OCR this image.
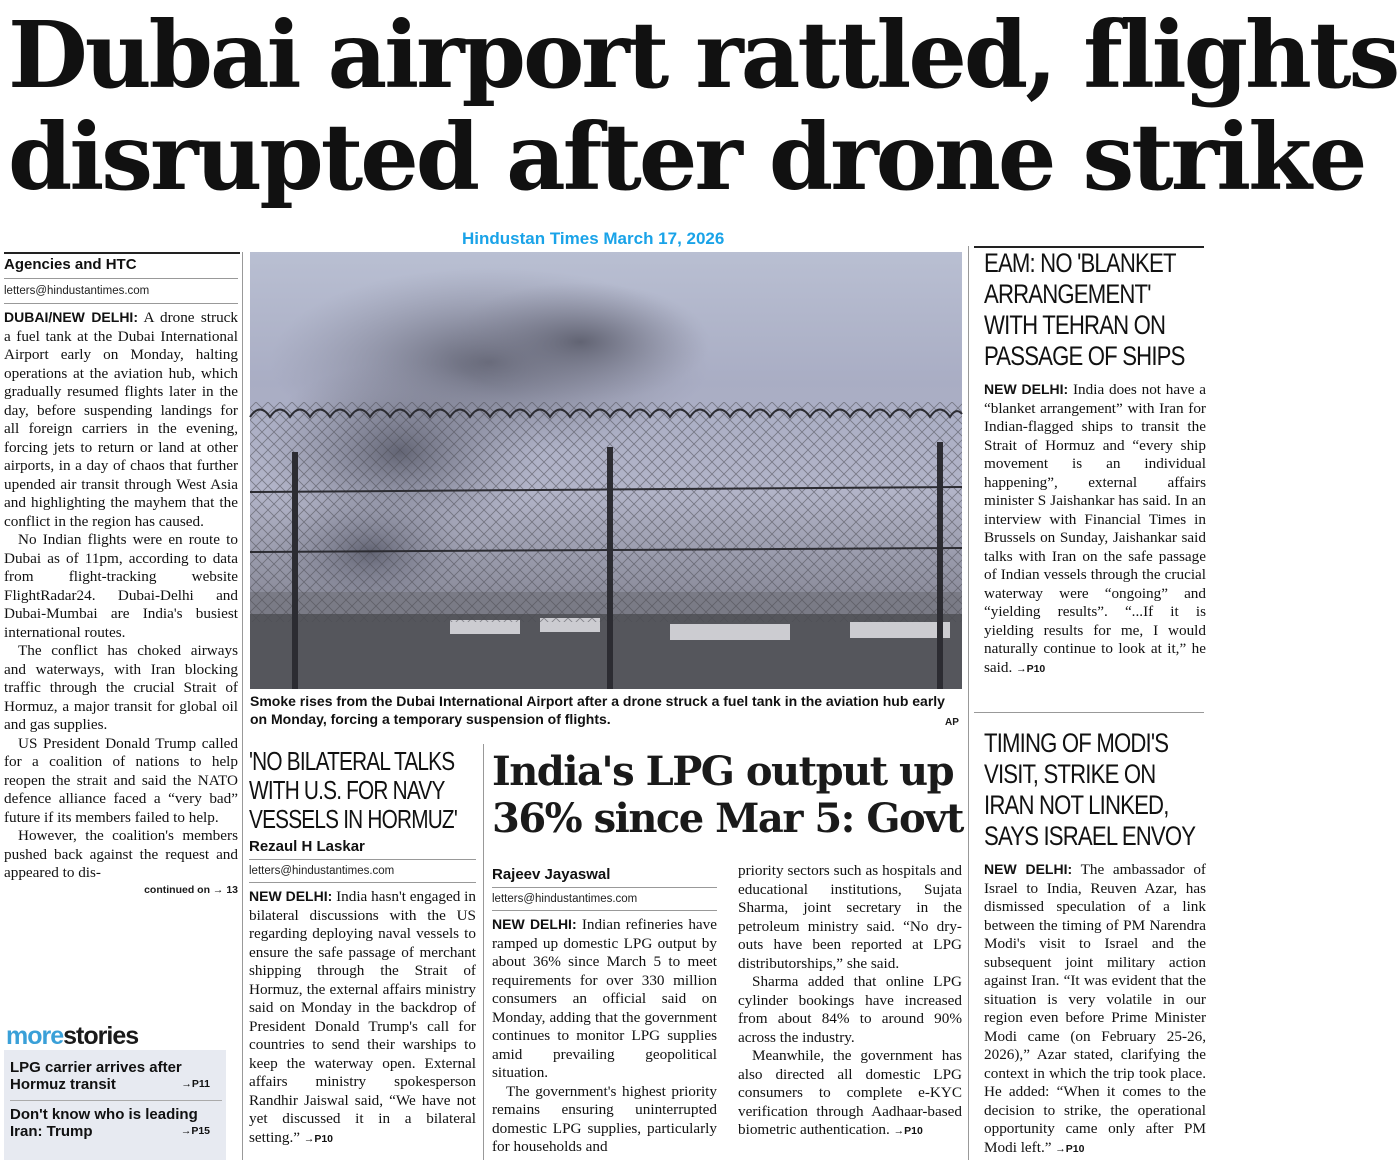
Dubai airport rattled, flights
disrupted after drone strike
Hindustan Times March 17, 2026
Agencies and HTC
letters@hindustantimes.com

DUBAI/NEW DELHI: A drone struck a fuel tank at the Dubai International Airport early on Monday, halting operations at the aviation hub, which gradually resumed flights later in the day, before suspending landings for all foreign carriers in the evening, forcing jets to return or land at other airports, in a day of chaos that further upended air transit through West Asia and highlighting the mayhem that the conflict in the region has caused.

No Indian flights were en route to Dubai as of 11pm, according to data from flight-tracking website FlightRadar24. Dubai-Delhi and Dubai-Mumbai are India's busiest international routes.

The conflict has choked airways and waterways, with Iran blocking traffic through the crucial Strait of Hormuz, a major transit for global oil and gas supplies.

US President Donald Trump called for a coalition of nations to help reopen the strait and said the NATO defence alliance faced a “very bad” future if its members failed to help.

However, the coalition's members pushed back against the request and appeared to dis-

continued on → 13
morestories
LPG carrier arrives after Hormuz transit	→P11
Don't know who is leading Iran: Trump	→P15
Smoke rises from the Dubai International Airport after a drone struck a fuel tank in the aviation hub early on Monday, forcing a temporary suspension of flights.	AP
'NO BILATERAL TALKS WITH U.S. FOR NAVY VESSELS IN HORMUZ'
Rezaul H Laskar
letters@hindustantimes.com

NEW DELHI: India hasn't engaged in bilateral discussions with the US regarding deploying naval vessels to ensure the safe passage of merchant shipping through the Strait of Hormuz, the external affairs ministry said on Monday in the backdrop of President Donald Trump's call for countries to send their warships to keep the waterway open. External affairs ministry spokesperson Randhir Jaiswal said, “We have not yet discussed it in a bilateral setting.” →P10

India's LPG output up
36% since Mar 5: Govt
Rajeev Jayaswal
letters@hindustantimes.com

NEW DELHI: Indian refineries have ramped up domestic LPG output by about 36% since March 5 to meet requirements for over 330 million consumers an official said on Monday, adding that the government continues to monitor LPG supplies amid prevailing geopolitical situation.

The government's highest priority remains ensuring uninterrupted domestic LPG supplies, particularly for households and

priority sectors such as hospitals and educational institutions, Sujata Sharma, joint secretary in the petroleum ministry said. “No dry-outs have been reported at LPG distributorships,” she said.

Sharma added that online LPG cylinder bookings have increased from about 84% to around 90% across the industry.

Meanwhile, the government has also directed all domestic LPG consumers to complete e-KYC verification through Aadhaar-based biometric authentication. →P10

EAM: NO 'BLANKET ARRANGEMENT' WITH TEHRAN ON PASSAGE OF SHIPS

NEW DELHI: India does not have a “blanket arrangement” with Iran for Indian-flagged ships to transit the Strait of Hormuz and “every ship movement is an individual happening”, external affairs minister S Jaishankar has said. In an interview with Financial Times in Brussels on Sunday, Jaishankar said talks with Iran on the safe passage of Indian vessels through the crucial waterway were “ongoing” and “yielding results”. “...If it is yielding results for me, I would naturally continue to look at it,” he said. →P10

TIMING OF MODI'S VISIT, STRIKE ON IRAN NOT LINKED, SAYS ISRAEL ENVOY

NEW DELHI: The ambassador of Israel to India, Reuven Azar, has dismissed speculation of a link between the timing of PM Narendra Modi's visit to Israel and the subsequent joint military action against Iran. “It was evident that the situation is very volatile in our region even before Prime Minister Modi came (on February 25-26, 2026),” Azar stated, clarifying the context in which the trip took place. He added: “When it comes to the decision to strike, the operational opportunity came only after PM Modi left.” →P10
